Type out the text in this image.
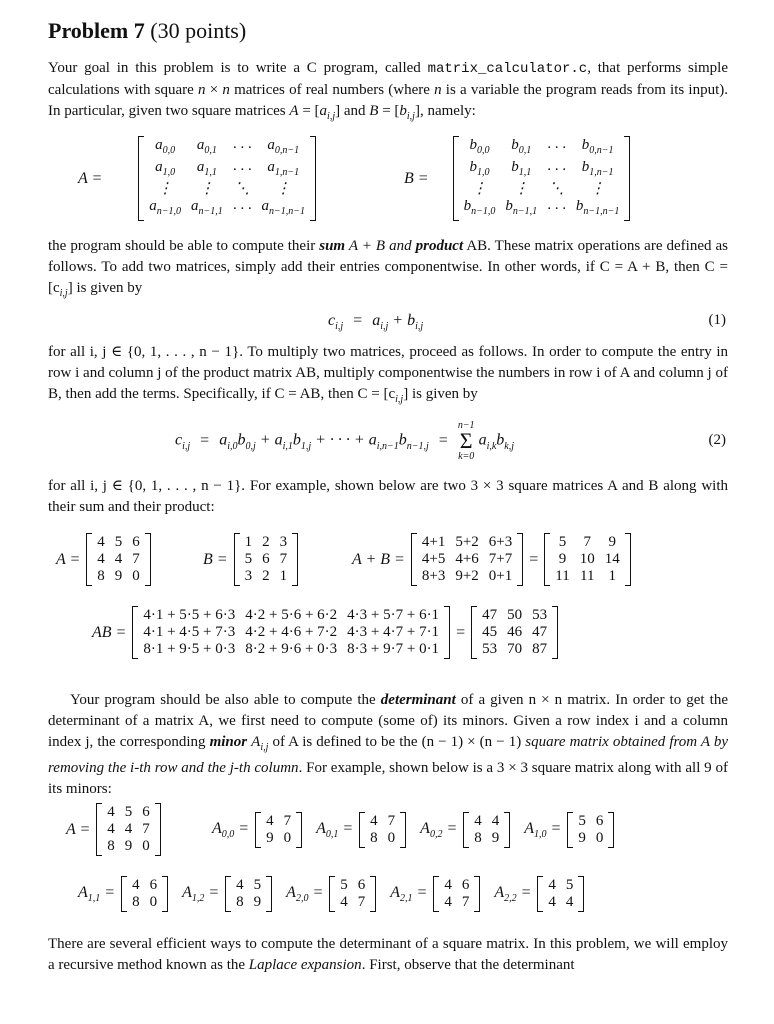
Problem 7 (30 points)

Your goal in this problem is to write a C program, called matrix_calculator.c, that performs simple calculations with square n × n matrices of real numbers (where n is a variable the program reads from its input). In particular, given two square matrices $A = [a_{i,j}]$ and $B = [b_{i,j}]$, namely:

A =
$a_{0,0}$	$a_{0,1}$	· · ·	$a_{0,n-1}$
$a_{1,0}$	$a_{1,1}$	· · ·	$a_{1,n-1}$
⋮	⋮	⋱	⋮
$a_{n-1,0}$	$a_{n-1,1}$	· · ·	$a_{n-1,n-1}$
B =
$b_{0,0}$	$b_{0,1}$	· · ·	$b_{0,n-1}$
$b_{1,0}$	$b_{1,1}$	· · ·	$b_{1,n-1}$
⋮	⋮	⋱	⋮
$b_{n-1,0}$	$b_{n-1,1}$	· · ·	$b_{n-1,n-1}$

the program should be able to compute their sum A + B and product AB. These matrix operations are defined as follows. To add two matrices, simply add their entries componentwise. In other words, if C = A + B, then $C = [c_{i,j}]$ is given by

$c_{i,j} = a_{i,j} + b_{i,j}$	(1)

for all i, j ∈ {0, 1, . . . , n − 1}. To multiply two matrices, proceed as follows. In order to compute the entry in row i and column j of the product matrix AB, multiply componentwise the numbers in row i of A and column j of B, then add the terms. Specifically, if C = AB, then $C = [c_{i,j}]$ is given by

$c_{i,j} = a_{i,0}b_{0,j} + a_{i,1}b_{1,j}$ + · · · + $a_{i,n-1}b_{n-1,j}$ =
n−1
Σ
k=0
$a_{i,k}b_{k,j}$	(2)

for all i, j ∈ {0, 1, . . . , n − 1}. For example, shown below are two 3 × 3 square matrices A and B along with their sum and their product:

A =
4	5	6
4	4	7
8	9	0
B =
1	2	3
5	6	7
3	2	1
A + B =
4+1	5+2	6+3
4+5	4+6	7+7
8+3	9+2	0+1
=
5	7	9
9	10	14
11	11	1
AB =
4·1 + 5·5 + 6·3	4·2 + 5·6 + 6·2	4·3 + 5·7 + 6·1
4·1 + 4·5 + 7·3	4·2 + 4·6 + 7·2	4·3 + 4·7 + 7·1
8·1 + 9·5 + 0·3	8·2 + 9·6 + 0·3	8·3 + 9·7 + 0·1
=
47	50	53
45	46	47
53	70	87

Your program should be also able to compute the determinant of a given n × n matrix. In order to get the determinant of a matrix A, we first need to compute (some of) its minors. Given a row index i and a column index j, the corresponding minor $A_{i,j}$ of A is defined to be the (n − 1) × (n − 1) square matrix obtained from A by removing the i-th row and the j-th column. For example, shown below is a 3 × 3 square matrix along with all 9 of its minors:

A =
4	5	6
4	4	7
8	9	0
$A_{0,0} = 4$	7
9	0
$A_{0,1} = 4$	7
8	0
$A_{0,2} = 4$	4
8	9
$A_{1,0} = 5$	6
9	0
$A_{1,1} = 4$	6
8	0
$A_{1,2} = 4$	5
8	9
$A_{2,0} = 5$	6
4	7
$A_{2,1} = 4$	6
4	7
$A_{2,2} = 4$	5
4	4

There are several efficient ways to compute the determinant of a square matrix. In this problem, we will employ a recursive method known as the Laplace expansion. First, observe that the determinant
